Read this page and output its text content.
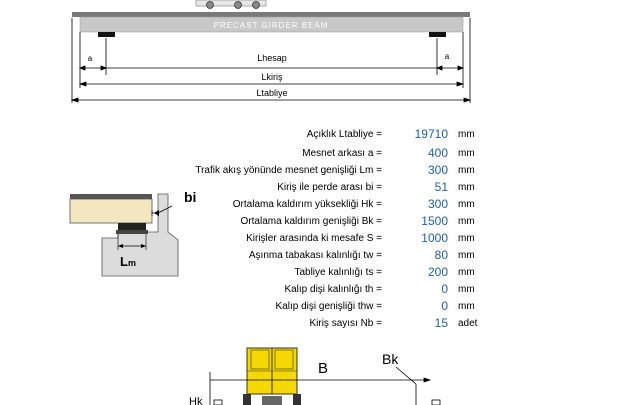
PRECAST GIRDER BEAM
a	a
Lhesap
Lkiriş
Ltabliye
bi
Lm
Açıklık Ltabliye =	19710 mm
Mesnet arkası a =	400 mm
Trafik akış yönünde mesnet genişliği Lm =	300 mm
Kiriş ile perde arası bi =	51 mm
Ortalama kaldırım yüksekliği Hk =	300 mm
Ortalama kaldırım genişliği Bk =	1500 mm
Kirişler arasında ki mesafe S =	1000 mm
Aşınma tabakası kalınlığı tw =	80 mm
Tabliye kalınlığı ts =	200 mm
Kalıp dişi kalınlığı th =	0 mm
Kalıp dişi genişliği thw =	0 mm
Kiriş sayısı Nb =	15 adet
B
Bk
Hk
